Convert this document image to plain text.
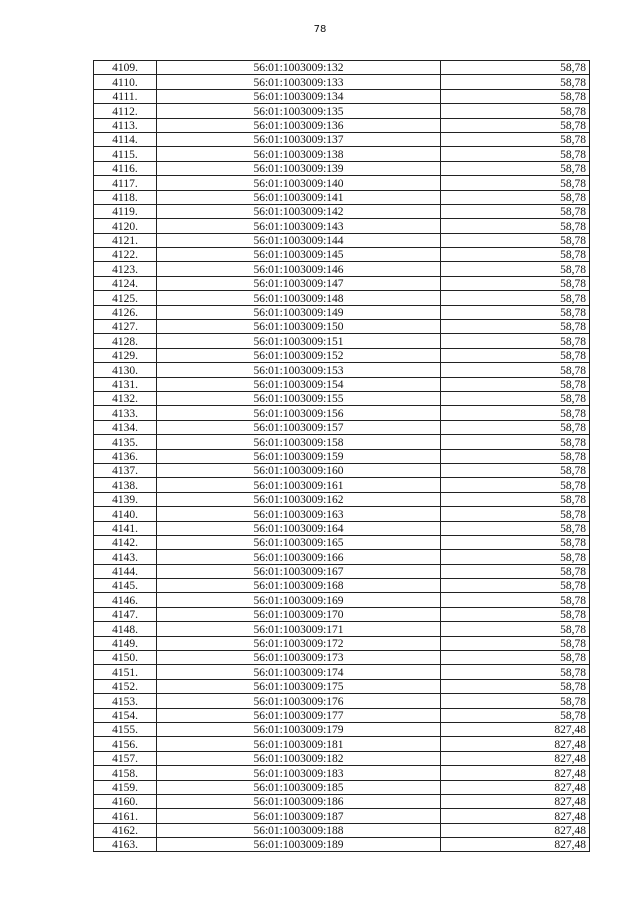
78
4109.	56:01:1003009:132	58,78
4110.	56:01:1003009:133	58,78
4111.	56:01:1003009:134	58,78
4112.	56:01:1003009:135	58,78
4113.	56:01:1003009:136	58,78
4114.	56:01:1003009:137	58,78
4115.	56:01:1003009:138	58,78
4116.	56:01:1003009:139	58,78
4117.	56:01:1003009:140	58,78
4118.	56:01:1003009:141	58,78
4119.	56:01:1003009:142	58,78
4120.	56:01:1003009:143	58,78
4121.	56:01:1003009:144	58,78
4122.	56:01:1003009:145	58,78
4123.	56:01:1003009:146	58,78
4124.	56:01:1003009:147	58,78
4125.	56:01:1003009:148	58,78
4126.	56:01:1003009:149	58,78
4127.	56:01:1003009:150	58,78
4128.	56:01:1003009:151	58,78
4129.	56:01:1003009:152	58,78
4130.	56:01:1003009:153	58,78
4131.	56:01:1003009:154	58,78
4132.	56:01:1003009:155	58,78
4133.	56:01:1003009:156	58,78
4134.	56:01:1003009:157	58,78
4135.	56:01:1003009:158	58,78
4136.	56:01:1003009:159	58,78
4137.	56:01:1003009:160	58,78
4138.	56:01:1003009:161	58,78
4139.	56:01:1003009:162	58,78
4140.	56:01:1003009:163	58,78
4141.	56:01:1003009:164	58,78
4142.	56:01:1003009:165	58,78
4143.	56:01:1003009:166	58,78
4144.	56:01:1003009:167	58,78
4145.	56:01:1003009:168	58,78
4146.	56:01:1003009:169	58,78
4147.	56:01:1003009:170	58,78
4148.	56:01:1003009:171	58,78
4149.	56:01:1003009:172	58,78
4150.	56:01:1003009:173	58,78
4151.	56:01:1003009:174	58,78
4152.	56:01:1003009:175	58,78
4153.	56:01:1003009:176	58,78
4154.	56:01:1003009:177	58,78
4155.	56:01:1003009:179	827,48
4156.	56:01:1003009:181	827,48
4157.	56:01:1003009:182	827,48
4158.	56:01:1003009:183	827,48
4159.	56:01:1003009:185	827,48
4160.	56:01:1003009:186	827,48
4161.	56:01:1003009:187	827,48
4162.	56:01:1003009:188	827,48
4163.	56:01:1003009:189	827,48
